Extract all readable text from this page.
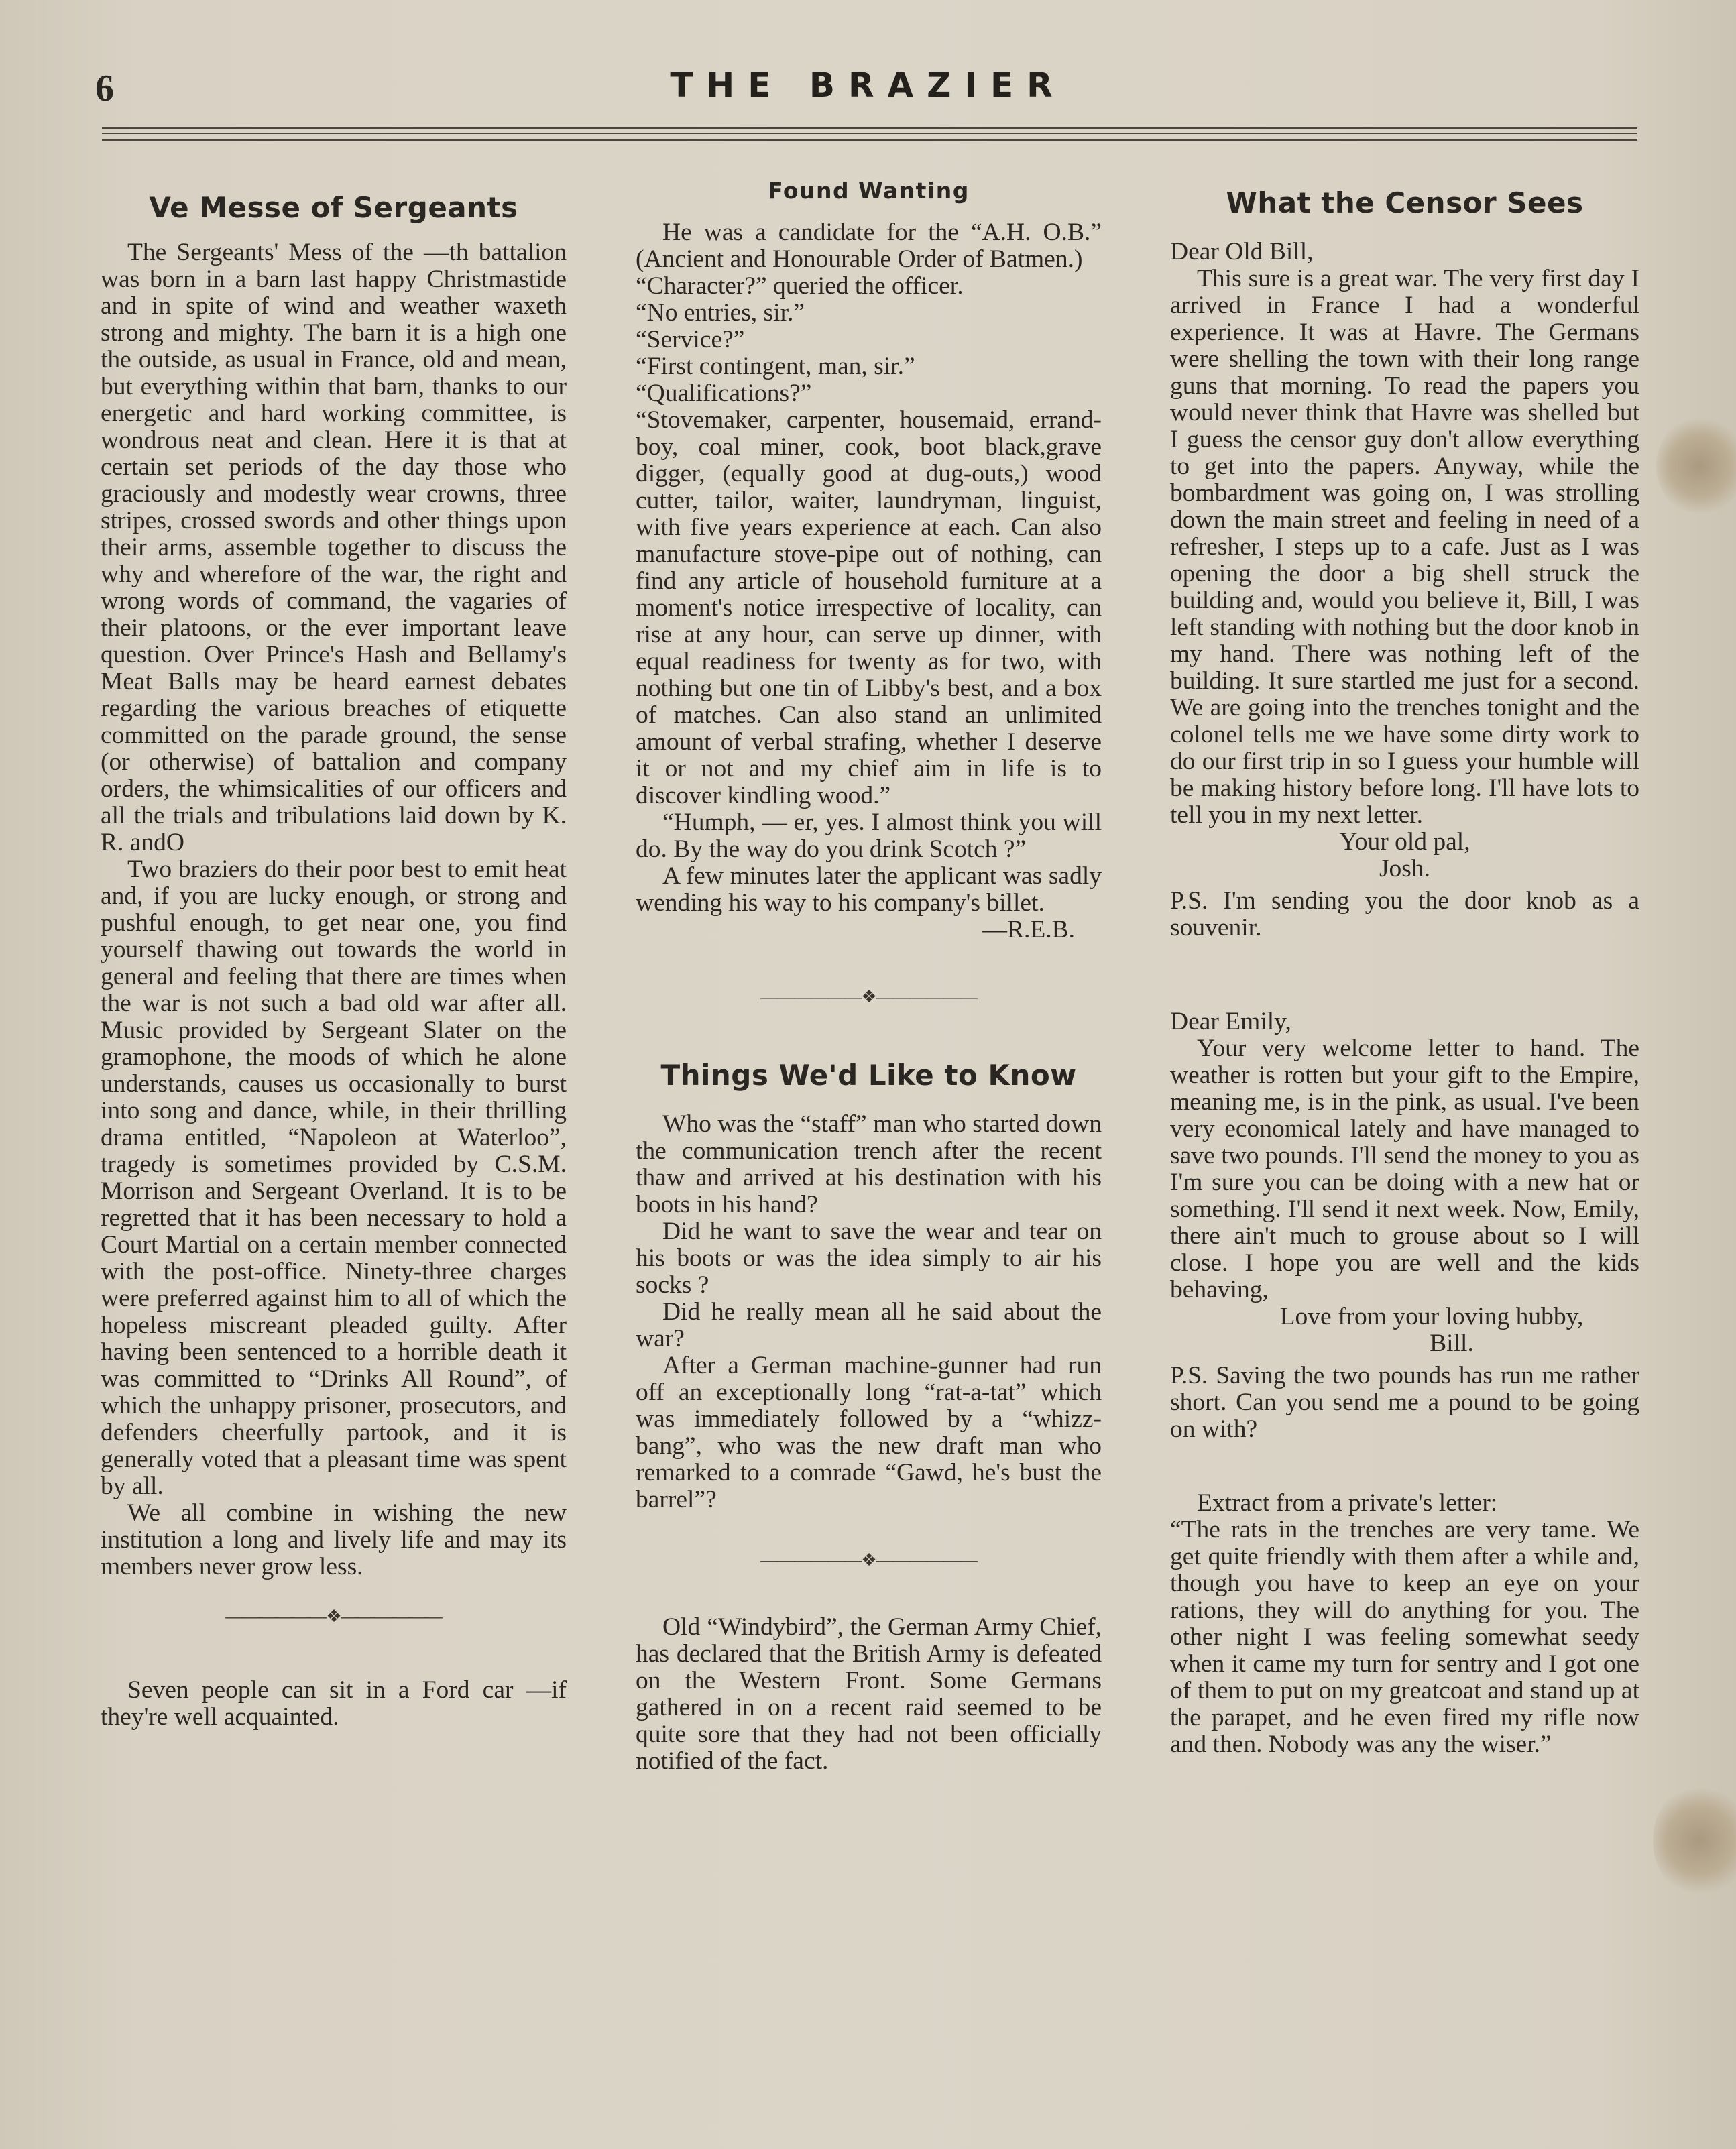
6	THE BRAZIER
Ve Messe of Sergeants

The Sergeants' Mess of the —th battalion was born in a barn last happy Christmastide and in spite of wind and weather waxeth strong and mighty. The barn it is a high one the outside, as usual in France, old and mean, but everything within that barn, thanks to our energetic and hard working committee, is wondrous neat and clean. Here it is that at certain set periods of the day those who graciously and modestly wear crowns, three stripes, crossed swords and other things upon their arms, assemble together to discuss the why and wherefore of the war, the right and wrong words of command, the vagaries of their platoons, or the ever important leave question. Over Prince's Hash and Bellamy's Meat Balls may be heard earnest debates regarding the various breaches of etiquette committed on the parade ground, the sense (or otherwise) of battalion and company orders, the whimsicalities of our officers and all the trials and tribulations laid down by K. R. andO

Two braziers do their poor best to emit heat and, if you are lucky enough, or strong and pushful enough, to get near one, you find yourself thawing out towards the world in general and feeling that there are times when the war is not such a bad old war after all. Music provided by Sergeant Slater on the gramophone, the moods of which he alone understands, causes us occasionally to burst into song and dance, while, in their thrilling drama entitled, “Napoleon at Waterloo”, tragedy is sometimes provided by C.S.M. Morrison and Sergeant Overland. It is to be regretted that it has been necessary to hold a Court Martial on a certain member connected with the post-office. Ninety-three charges were preferred against him to all of which the hopeless miscreant pleaded guilty. After having been sentenced to a horrible death it was committed to “Drinks All Round”, of which the unhappy prisoner, prosecutors, and defenders cheerfully partook, and it is generally voted that a pleasant time was spent by all.

We all combine in wishing the new institution a long and lively life and may its members never grow less.

——————❖——————

Seven people can sit in a Ford car —if they're well acquainted.

Found Wanting

He was a candidate for the “A.H. O.B.” (Ancient and Honourable Order of Batmen.)

“Character?” queried the officer.
“No entries, sir.”
“Service?”
“First contingent, man, sir.”
“Qualifications?”

“Stovemaker, carpenter, housemaid, errand-boy, coal miner, cook, boot black,grave digger, (equally good at dug-outs,) wood cutter, tailor, waiter, laundryman, linguist, with five years experience at each. Can also manufacture stove-pipe out of nothing, can find any article of household furniture at a moment's notice irrespective of locality, can rise at any hour, can serve up dinner, with equal readiness for twenty as for two, with nothing but one tin of Libby's best, and a box of matches. Can also stand an unlimited amount of verbal strafing, whether I deserve it or not and my chief aim in life is to discover kindling wood.”

“Humph, — er, yes. I almost think you will do. By the way do you drink Scotch ?”

A few minutes later the applicant was sadly wending his way to his company's billet.

—R.E.B.

——————❖——————
Things We'd Like to Know

Who was the “staff” man who started down the communication trench after the recent thaw and arrived at his destination with his boots in his hand?

Did he want to save the wear and tear on his boots or was the idea simply to air his socks ?

Did he really mean all he said about the war?

After a German machine-gunner had run off an exceptionally long “rat-a-tat” which was immediately followed by a “whizz-bang”, who was the new draft man who remarked to a comrade “Gawd, he's bust the barrel”?

——————❖——————

Old “Windybird”, the German Army Chief, has declared that the British Army is defeated on the Western Front. Some Germans gathered in on a recent raid seemed to be quite sore that they had not been officially notified of the fact.

What the Censor Sees

Dear Old Bill,

This sure is a great war. The very first day I arrived in France I had a wonderful experience. It was at Havre. The Germans were shelling the town with their long range guns that morning. To read the papers you would never think that Havre was shelled but I guess the censor guy don't allow everything to get into the papers. Anyway, while the bombardment was going on, I was strolling down the main street and feeling in need of a refresher, I steps up to a cafe. Just as I was opening the door a big shell struck the building and, would you believe it, Bill, I was left standing with nothing but the door knob in my hand. There was nothing left of the building. It sure startled me just for a second. We are going into the trenches tonight and the colonel tells me we have some dirty work to do our first trip in so I guess your humble will be making history before long. I'll have lots to tell you in my next letter.

Your old pal,

Josh.

P.S. I'm sending you the door knob as a souvenir.

Dear Emily,

Your very welcome letter to hand. The weather is rotten but your gift to the Empire, meaning me, is in the pink, as usual. I've been very economical lately and have managed to save two pounds. I'll send the money to you as I'm sure you can be doing with a new hat or something. I'll send it next week. Now, Emily, there ain't much to grouse about so I will close. I hope you are well and the kids behaving,

Love from your loving hubby,

Bill.

P.S. Saving the two pounds has run me rather short. Can you send me a pound to be going on with?

Extract from a private's letter:

“The rats in the trenches are very tame. We get quite friendly with them after a while and, though you have to keep an eye on your rations, they will do anything for you. The other night I was feeling somewhat seedy when it came my turn for sentry and I got one of them to put on my greatcoat and stand up at the parapet, and he even fired my rifle now and then. Nobody was any the wiser.”
